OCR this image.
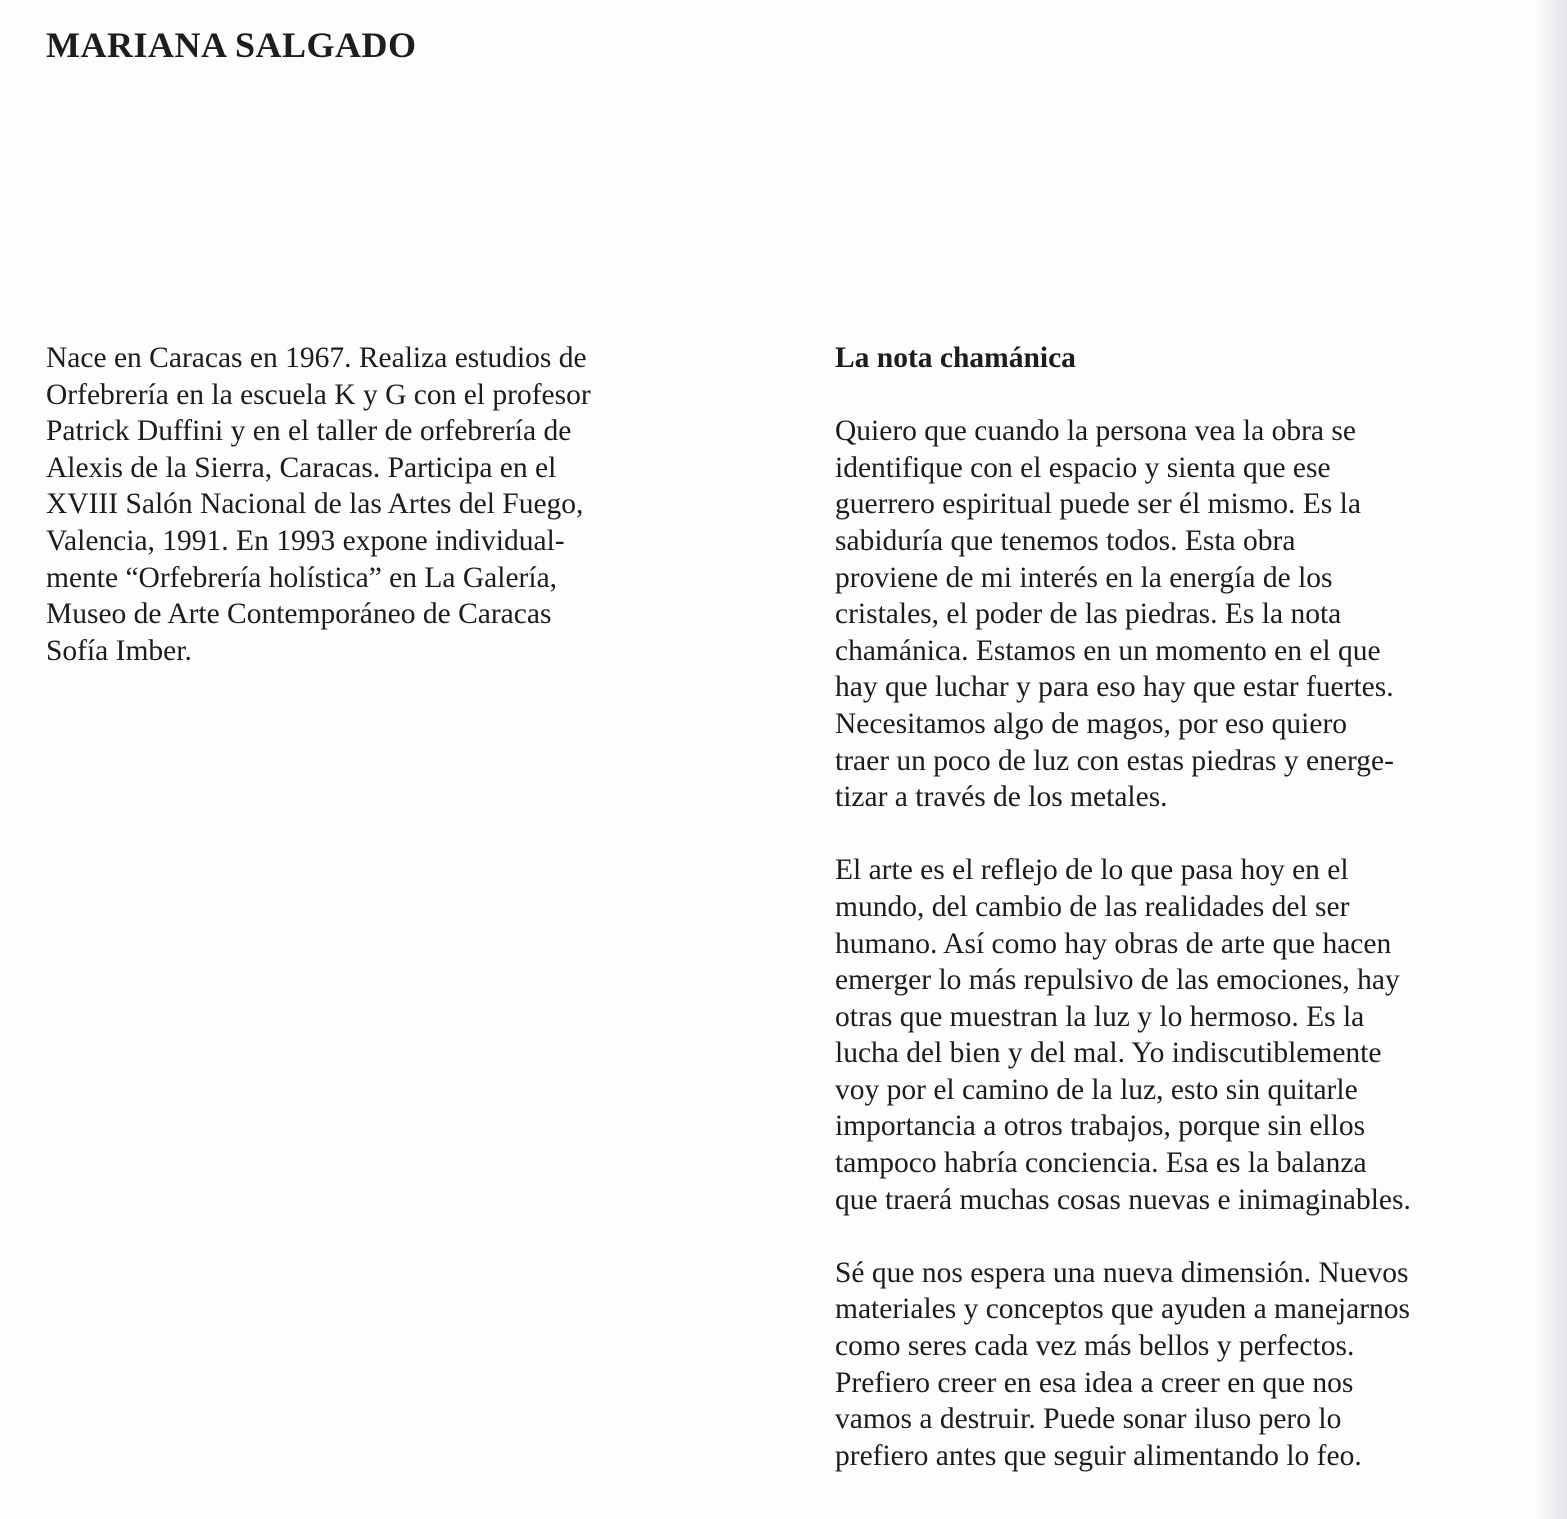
MARIANA SALGADO
Nace en Caracas en 1967. Realiza estudios de
Orfebrería en la escuela K y G con el profesor
Patrick Duffini y en el taller de orfebrería de
Alexis de la Sierra, Caracas. Participa en el
XVIII Salón Nacional de las Artes del Fuego,
Valencia, 1991. En 1993 expone individual-
mente “Orfebrería holística” en La Galería,
Museo de Arte Contemporáneo de Caracas
Sofía Imber.
La nota chamánica
Quiero que cuando la persona vea la obra se
identifique con el espacio y sienta que ese
guerrero espiritual puede ser él mismo. Es la
sabiduría que tenemos todos. Esta obra
proviene de mi interés en la energía de los
cristales, el poder de las piedras. Es la nota
chamánica. Estamos en un momento en el que
hay que luchar y para eso hay que estar fuertes.
Necesitamos algo de magos, por eso quiero
traer un poco de luz con estas piedras y energe-
tizar a través de los metales.
El arte es el reflejo de lo que pasa hoy en el
mundo, del cambio de las realidades del ser
humano. Así como hay obras de arte que hacen
emerger lo más repulsivo de las emociones, hay
otras que muestran la luz y lo hermoso. Es la
lucha del bien y del mal. Yo indiscutiblemente
voy por el camino de la luz, esto sin quitarle
importancia a otros trabajos, porque sin ellos
tampoco habría conciencia. Esa es la balanza
que traerá muchas cosas nuevas e inimaginables.
Sé que nos espera una nueva dimensión. Nuevos
materiales y conceptos que ayuden a manejarnos
como seres cada vez más bellos y perfectos.
Prefiero creer en esa idea a creer en que nos
vamos a destruir. Puede sonar iluso pero lo
prefiero antes que seguir alimentando lo feo.
